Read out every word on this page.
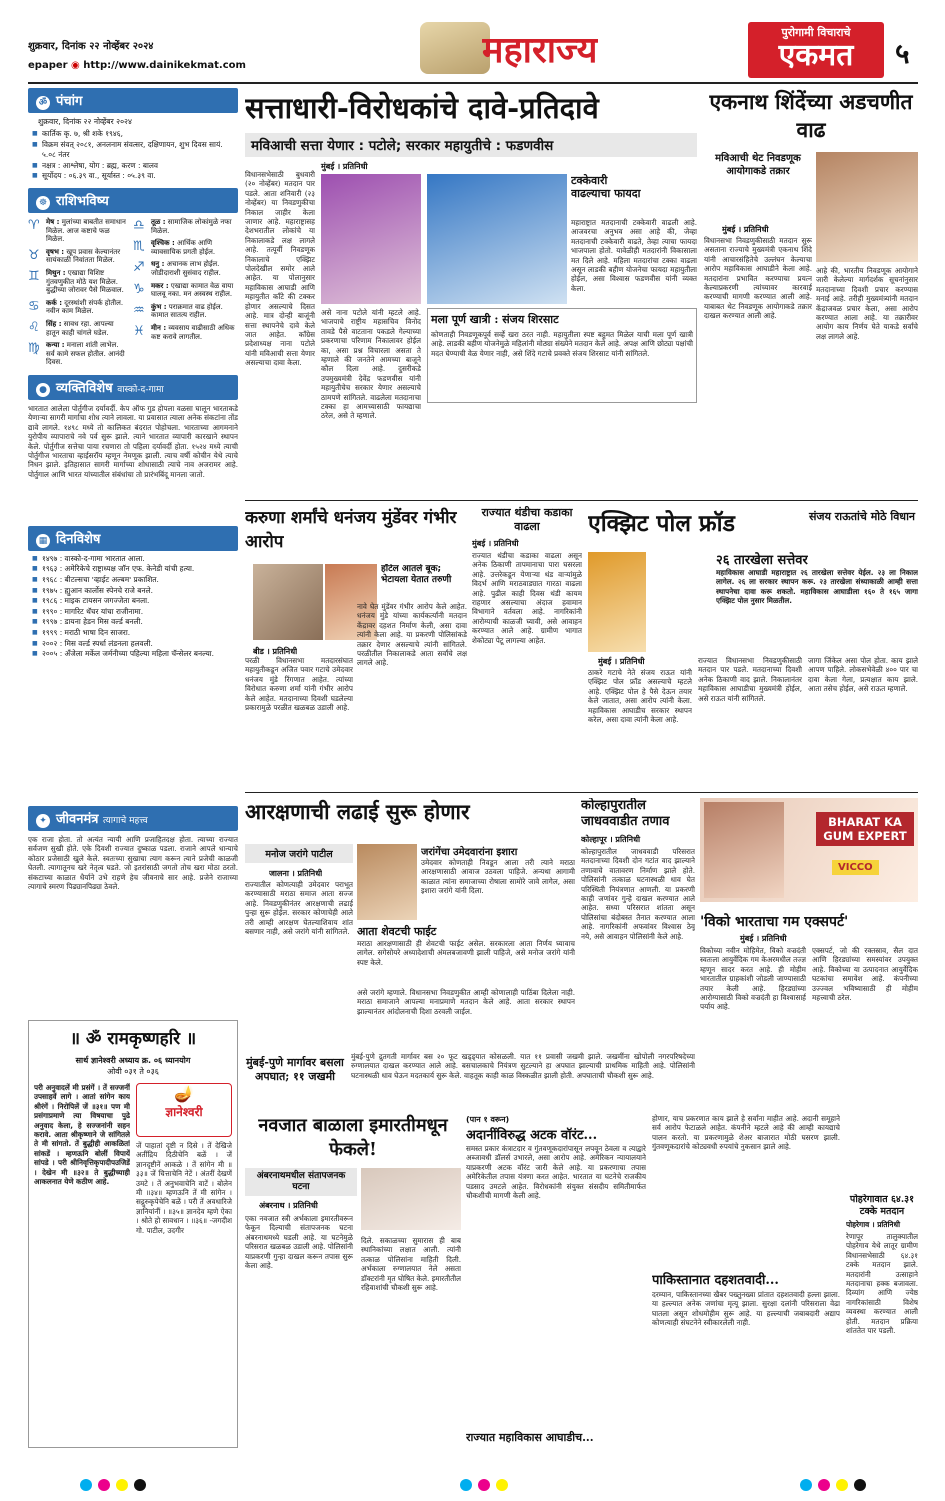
शुक्रवार, दिनांक २२ नोव्हेंबर २०२४
epaper ◉ http://www.dainikekmat.com	महाराज्य	पुरोगामी विचाराचे
एकमत	५
ॐ पंचांग
शुक्रवार, दिनांक २२ नोव्हेंबर २०२४
■ कार्तिक कृ. ७, श्री शके १९४६,
■ विक्रम संवत् २०८१, अनलनाम संवत्सर, दक्षिणायन, शुभ दिवस सायं. ५.०८ नंतर
■ नक्षत्र : आश्लेषा, योग : ब्रह्म, करण : बालव
■ सूर्योदय : ०६.३९ वा., सूर्यास्त : ०५.३९ वा.
☸ राशिभविष्य
♈ मेष : मुलांच्या बाबतीत समाधान मिळेल. आज कष्टाचे फळ मिळेल.
♉ वृषभ : खूप प्रवास केल्यानंतर सायंकाळी निवांतता मिळेल.
♊ मिथुन : एखाद्या विशिष्ट गुंतवणुकीत मोठे यश मिळेल. बुद्धीच्या जोरावर पैसे मिळवाल.
♋ कर्क : दूरस्थांशी संपर्क होतील. नवीन काम मिळेल.
♌ सिंह : सावध रहा. आपल्या हातून काही चांगले घडेल.
♍ कन्या : मनाला शांती लाभेल. सर्व कामे सफल होतील. आनंदी दिवस.
♎ तूळ : सामाजिक लोकांमुळे नफा मिळेल.
♏ वृश्चिक : आर्थिक आणि व्यावसायिक प्रगती होईल.
♐ धनु : अचानक लाभ होईल. जोडीदाराशी सुसंवाद राहील.
♑ मकर : एखाद्या कामात वेळ वाया घालवू नका. मन अस्वस्थ राहील.
♒ कुंभ : पराक्रमात वाढ होईल. कामात सातत्य राहील.
♓ मीन : व्यवसाय वाढीसाठी अधिक कष्ट करावे लागतील.
● व्यक्तिविशेष वास्को-द-गामा
भारतात आलेला पोर्तुगीज दर्यावर्दी. केप ऑफ गुड होपला वळसा घालून भारताकडे येणाऱ्या सागरी मार्गाचा शोध त्याने लावला. या प्रवासात त्याला अनेक संकटांना तोंड द्यावे लागले. १४९८ मध्ये तो कालिकत बंदरात पोहोचला. भारताच्या आगमनाने युरोपीय व्यापाराचे नवे पर्व सुरू झाले. त्याने भारतात व्यापारी कारखाने स्थापन केले. पोर्तुगीज सत्तेचा पाया रचणारा तो पहिला दर्यावर्दी होता. १५२४ मध्ये त्याची पोर्तुगीज भारताचा व्हाईसरॉय म्हणून नेमणूक झाली. त्याच वर्षी कोचीन येथे त्याचे निधन झाले. इतिहासात सागरी मार्गाच्या शोधासाठी त्याचे नाव अजरामर आहे. पोर्तुगाल आणि भारत यांच्यातील संबंधांचा तो प्रारंभबिंदू मानला जातो.
▦ दिनविशेष
■ १४९७ : वास्को-द-गामा भारतात आला.
■ १९६३ : अमेरिकेचे राष्ट्राध्यक्ष जॉन एफ. केनेडी यांची हत्या.
■ १९६८ : बीटल्सचा 'व्हाईट अल्बम' प्रकाशित.
■ १९७५ : ह्युआन कार्लोस स्पेनचे राजे बनले.
■ १९८६ : माइक टायसन जगज्जेता बनला.
■ १९९० : मार्गारेट थॅचर यांचा राजीनामा.
■ १९९७ : डायना हेडन मिस वर्ल्ड बनली.
■ १९९९ : मराठी भाषा दिन साजरा.
■ २००२ : मिस वर्ल्ड स्पर्धा लंडनला हलवली.
■ २००५ : अँजेला मर्केल जर्मनीच्या पहिल्या महिला चॅन्सेलर बनल्या.
✦ जीवनमंत्र त्यागाचे महत्त्व
एक राजा होता. तो अत्यंत न्यायी आणि प्रजाहितदक्ष होता. त्याच्या राज्यात सर्वजण सुखी होते. एके दिवशी राज्यात दुष्काळ पडला. राजाने आपले धान्याचे कोठार प्रजेसाठी खुले केले. स्वतःच्या सुखाचा त्याग करून त्याने प्रजेची काळजी घेतली. त्यागातूनच खरे नेतृत्व घडते. जो इतरांसाठी जगतो तोच खरा मोठा ठरतो. संकटाच्या काळात धैर्याने उभे राहणे हेच जीवनाचे सार आहे. प्रजेने राजाच्या त्यागाचे स्मरण पिढ्यानपिढ्या ठेवले.
॥ ॐ रामकृष्णहरि ॥
सार्थ ज्ञानेश्वरी अध्याय क्र. ०६ ध्यानयोग
ओवी ०३१ ते ०३६
परी अनुवादलें मी प्रसंगें । तें सज्जनीं उपसाहवें लागे । आतां सांगेन काय श्रीरंगें । निरोपिलें जें ॥३१॥ पण मी प्रसंगाप्रमाणे त्या विषयाचा पुढे अनुवाद केला, हे सज्जनांनी सहन करावे. आता श्रीकृष्णाने जे सांगितले ते मी सांगतो. तें बुद्धीही आकळितां सांकडें । म्हणऊनि बोलीं विपायें सांपडे । परी श्रीनिवृत्तिकृपादीपउजिडें । देखेन मी ॥३२॥ ते बुद्धीच्याही आकलनात येणे कठीण आहे.
🪔
ज्ञानेश्वरी
जें पाहातां दृष्टी न दिसे । तें देखिजे अतींद्रिय दिठीचेनि बळें । जें ज्ञानदृष्टीनें आकळे । तें सांगेन मी ॥३३॥ जें चित्ताचेनि नेटें । अंतरीं देखणें उमटे । तें अनुभवाचेनि वाटें । बोलेन मी ॥३४॥ म्हणऊनि तें मी सांगेन । सद्गुरुकृपेचेनि बळें । परी तें अवधारिजे ज्ञानियांनीं । ॥३५॥ ज्ञानदेव म्हणे ऐका । श्रोते हो सावधान । ॥३६॥ -जगदीश गो. पाटील, उदगीर
सत्ताधारी-विरोधकांचे दावे-प्रतिदावे
मविआची सत्ता येणार : पटोले; सरकार महायुतीचे : फडणवीस
मुंबई । प्रतिनिधी
विधानसभेसाठी बुधवारी (२० नोव्हेंबर) मतदान पार पडले. आता शनिवारी (२३ नोव्हेंबर) या निवडणुकीचा निकाल जाहीर केला जाणार आहे. महाराष्ट्रासह देशभरातील लोकांचे या निकालाकडे लक्ष लागले आहे. तत्पूर्वी निवडणूक निकालाचे एक्झिट पोलदेखील समोर आले आहेत. या पोलानुसार महाविकास आघाडी आणि महायुतीत काँटे की टक्कर होणार असल्याचे दिसत आहे. मात्र दोन्ही बाजूंनी सत्ता स्थापनेचे दावे केले जात आहेत. काँग्रेस प्रदेशाध्यक्ष नाना पटोले यांनी मविआची सत्ता येणार असल्याचा दावा केला.
असे नाना पटोले यांनी म्हटले आहे. भाजपाचे राष्ट्रीय महासचिव विनोद तावडे पैसे वाटताना पकडले गेल्याच्या प्रकरणाचा परिणाम निकालावर होईल का, असा प्रश्न विचारला असता ते म्हणाले की जनतेने आमच्या बाजूने कौल दिला आहे. दुसरीकडे उपमुख्यमंत्री देवेंद्र फडणवीस यांनी महायुतीचेच सरकार येणार असल्याचे ठामपणे सांगितले. वाढलेला मतदानाचा टक्का हा आमच्यासाठी फायद्याचा ठरेल, असे ते म्हणाले.
टक्केवारी वाढल्याचा फायदा
महाराष्ट्रात मतदानाची टक्केवारी वाढली आहे. आजवरचा अनुभव असा आहे की, जेव्हा मतदानाची टक्केवारी वाढते, तेव्हा त्याचा फायदा भाजपाला होतो. यावेळीही मतदारांनी विकासाला मत दिले आहे. महिला मतदारांचा टक्का वाढला असून लाडकी बहीण योजनेचा फायदा महायुतीला होईल, असा विश्वास फडणवीस यांनी व्यक्त केला.
मला पूर्ण खात्री : संजय शिरसाट
कोणताही निवडणूकपूर्व सर्व्हे खरा ठरत नाही. महायुतीला स्पष्ट बहुमत मिळेल याची मला पूर्ण खात्री आहे. लाडकी बहीण योजनेमुळे महिलांनी मोठ्या संख्येने मतदान केले आहे. अपक्ष आणि छोट्या पक्षांची मदत घेण्याची वेळ येणार नाही, असे शिंदे गटाचे प्रवक्ते संजय शिरसाट यांनी सांगितले.
एकनाथ शिंदेंच्या अडचणीत वाढ
मविआची थेट निवडणूक आयोगाकडे तक्रार
मुंबई । प्रतिनिधी
विधानसभा निवडणुकीसाठी मतदान सुरू असताना राज्याचे मुख्यमंत्री एकनाथ शिंदे यांनी आचारसंहितेचे उल्लंघन केल्याचा आरोप महाविकास आघाडीने केला आहे. मतदारांना प्रभावित करण्याचा प्रयत्न केल्याप्रकरणी त्यांच्यावर कारवाई करण्याची मागणी करण्यात आली आहे. याबाबत थेट निवडणूक आयोगाकडे तक्रार दाखल करण्यात आली आहे.
आहे की, भारतीय निवडणूक आयोगाने जारी केलेल्या मार्गदर्शक सूचनांनुसार मतदानाच्या दिवशी प्रचार करण्यास मनाई आहे. तरीही मुख्यमंत्र्यांनी मतदान केंद्राजवळ प्रचार केला, असा आरोप करण्यात आला आहे. या तक्रारीवर आयोग काय निर्णय घेते याकडे सर्वांचे लक्ष लागले आहे.
करुणा शर्मांचे धनंजय मुंडेंवर गंभीर आरोप
हॉटेल आतले बूक; भेटायला येतात तरुणी
बीड । प्रतिनिधी
परळी विधानसभा मतदारसंघात महायुतीकडून अजित पवार गटाचे उमेदवार धनंजय मुंडे रिंगणात आहेत. त्यांच्या विरोधात करुणा शर्मा यांनी गंभीर आरोप केले आहेत. मतदानाच्या दिवशी घडलेल्या प्रकारामुळे परळीत खळबळ उडाली आहे.
नावे घेत मुंडेंवर गंभीर आरोप केले आहेत. धनंजय मुंडे यांच्या कार्यकर्त्यांनी मतदान केंद्रावर दहशत निर्माण केली, असा दावा त्यांनी केला आहे. या प्रकरणी पोलिसांकडे तक्रार देणार असल्याचे त्यांनी सांगितले. परळीतील निकालाकडे आता सर्वांचे लक्ष लागले आहे.
राज्यात थंडीचा कडाका वाढला
मुंबई । प्रतिनिधी
राज्यात थंडीचा कडाका वाढला असून अनेक ठिकाणी तापमानाचा पारा घसरला आहे. उत्तरेकडून येणाऱ्या थंड वाऱ्यांमुळे विदर्भ आणि मराठवाड्यात गारठा वाढला आहे. पुढील काही दिवस थंडी कायम राहणार असल्याचा अंदाज हवामान विभागाने वर्तवला आहे. नागरिकांनी आरोग्याची काळजी घ्यावी, असे आवाहन करण्यात आले आहे. ग्रामीण भागात शेकोट्या पेटू लागल्या आहेत.
एक्झिट पोल फ्रॉड	संजय राऊतांचे मोठे विधान
२६ तारखेला सत्तेवर
महाविकास आघाडी महाराष्ट्रात २६ तारखेला सत्तेवर येईल. २३ ला निकाल लागेल. २६ ला सरकार स्थापन करू. २३ तारखेला संध्याकाळी आम्ही सत्ता स्थापनेचा दावा करू शकतो. महाविकास आघाडीला १६० ते १६५ जागा एक्झिट पोल नुसार मिळतील.
मुंबई । प्रतिनिधी
ठाकरे गटाचे नेते संजय राऊत यांनी एक्झिट पोल फ्रॉड असल्याचे म्हटले आहे. एक्झिट पोल हे पैसे देऊन तयार केले जातात, असा आरोप त्यांनी केला. महाविकास आघाडीच सरकार स्थापन करेल, असा दावा त्यांनी केला आहे.
राज्यात विधानसभा निवडणुकीसाठी मतदान पार पडले. मतदानाच्या दिवशी अनेक ठिकाणी वाद झाले. निकालानंतर महाविकास आघाडीचा मुख्यमंत्री होईल, असे राऊत यांनी सांगितले.
जागा जिंकेल असा पोल होता. काय झाले आपण पाहिले. लोकसभेवेळी ४०० पार चा दावा केला गेला, प्रत्यक्षात काय झाले. आता तसेच होईल, असे राऊत म्हणाले.
आरक्षणाची लढाई सुरू होणार
मनोज जरांगे पाटील
जालना । प्रतिनिधी
राज्यातील कोणत्याही उमेदवार पराभूत करण्यासाठी मराठा समाज आता सज्ज आहे. निवडणुकीनंतर आरक्षणाची लढाई पुन्हा सुरू होईल. सरकार कोणाचेही आले तरी आम्ही आरक्षण घेतल्याशिवाय शांत बसणार नाही, असे जरांगे यांनी सांगितले.
जरांगेंचा उमेदवारांना इशारा
उमेदवार कोणताही निवडून आला तरी त्याने मराठा आरक्षणासाठी आवाज उठवला पाहिजे. अन्यथा आगामी काळात त्यांना समाजाच्या रोषाला सामोरे जावे लागेल, असा इशारा जरांगे यांनी दिला.
आता शेवटची फाईट
मराठा आरक्षणासाठी ही शेवटची फाईट असेल. सरकारला आता निर्णय घ्यावाच लागेल. सगेसोयरे अध्यादेशाची अंमलबजावणी झाली पाहिजे, असे मनोज जरांगे यांनी स्पष्ट केले.
असे जरांगे म्हणाले. विधानसभा निवडणुकीत आम्ही कोणालाही पाठिंबा दिलेला नाही. मराठा समाजाने आपल्या मनाप्रमाणे मतदान केले आहे. आता सरकार स्थापन झाल्यानंतर आंदोलनाची दिशा ठरवली जाईल.
कोल्हापुरातील जाधववाडीत तणाव
कोल्हापूर । प्रतिनिधी
कोल्हापुरातील जाधववाडी परिसरात मतदानाच्या दिवशी दोन गटांत वाद झाल्याने तणावाचे वातावरण निर्माण झाले होते. पोलिसांनी तत्काळ घटनास्थळी धाव घेत परिस्थिती नियंत्रणात आणली. या प्रकरणी काही जणांवर गुन्हे दाखल करण्यात आले आहेत. सध्या परिसरात शांतता असून पोलिसांचा बंदोबस्त तैनात करण्यात आला आहे. नागरिकांनी अफवांवर विश्वास ठेवू नये, असे आवाहन पोलिसांनी केले आहे.
BHARAT KA
GUM EXPERT
VICCO
'विको भारताचा गम एक्सपर्ट'
मुंबई । प्रतिनिधी
विकोच्या नवीन मोहिमेत, विको वज्रदंती स्वतःला आयुर्वेदिक गम केअरमधील तज्ज्ञ म्हणून सादर करत आहे. ही मोहीम भारतातील ग्राहकांशी जोडली जाण्यासाठी तयार केली आहे. हिरड्यांच्या आरोग्यासाठी विको वज्रदंती हा विश्वासार्ह पर्याय आहे.
एक्सपर्ट, जो की रक्तस्राव, सैल दात आणि हिरड्यांच्या समस्यांवर उपयुक्त आहे. विकोच्या या उत्पादनात आयुर्वेदिक घटकांचा समावेश आहे. कंपनीच्या उज्ज्वल भविष्यासाठी ही मोहीम महत्त्वाची ठरेल.
मुंबई-पुणे मार्गावर बसला अपघात; ११ जखमी
मुंबई-पुणे द्रुतगती मार्गावर बस २० फूट खड्ड्यात कोसळली. यात ११ प्रवासी जखमी झाले. जखमींना खोपोली नगरपरिषदेच्या रुग्णालयात दाखल करण्यात आले आहे. बसचालकाचे नियंत्रण सुटल्याने हा अपघात झाल्याची प्राथमिक माहिती आहे. पोलिसांनी घटनास्थळी धाव घेऊन मदतकार्य सुरू केले. वाहतूक काही काळ विस्कळीत झाली होती. अपघाताची चौकशी सुरू आहे.
नवजात बाळाला इमारतीमधून फेकले!
अंबरनाथमधील संतापजनक घटना
अंबरनाथ । प्रतिनिधी
एका नवजात स्त्री अर्भकाला इमारतीवरून फेकून दिल्याची संतापजनक घटना अंबरनाथमध्ये घडली आहे. या घटनेमुळे परिसरात खळबळ उडाली आहे. पोलिसांनी याप्रकरणी गुन्हा दाखल करून तपास सुरू केला आहे.
दिले. सकाळच्या सुमारास ही बाब स्थानिकांच्या लक्षात आली. त्यांनी तत्काळ पोलिसांना माहिती दिली. अर्भकाला रुग्णालयात नेले असता डॉक्टरांनी मृत घोषित केले. इमारतीतील रहिवाशांची चौकशी सुरू आहे.
(पान १ वरून)
अदानींविरुद्ध अटक वॉरंट...
समस्त प्रकार कंत्राटदार व गुंतवणूकदारांपासून लपवून ठेवला व त्याद्वारे अब्जावधी डॉलर्स उभारले, असा आरोप आहे. अमेरिकन न्यायालयाने याप्रकरणी अटक वॉरंट जारी केले आहे. या प्रकरणाचा तपास अमेरिकेतील तपास यंत्रणा करत आहेत. भारतात या घटनेचे राजकीय पडसाद उमटले आहेत. विरोधकांनी संयुक्त संसदीय समितीमार्फत चौकशीची मागणी केली आहे.
राज्यात महाविकास आघाडीच...
होणार, याच प्रकरणात काय झाले हे सर्वांना माहीत आहे. अदानी समूहाने सर्व आरोप फेटाळले आहेत. कंपनीने म्हटले आहे की आम्ही कायद्याचे पालन करतो. या प्रकरणामुळे शेअर बाजारात मोठी घसरण झाली. गुंतवणूकदारांचे कोट्यवधी रुपयांचे नुकसान झाले आहे.
पाकिस्तानात दहशतवादी...
दरम्यान, पाकिस्तानच्या खैबर पख्तुनख्वा प्रांतात दहशतवादी हल्ला झाला. या हल्ल्यात अनेक जणांचा मृत्यू झाला. सुरक्षा दलांनी परिसराला वेढा घातला असून शोधमोहीम सुरू आहे. या हल्ल्याची जबाबदारी अद्याप कोणत्याही संघटनेने स्वीकारलेली नाही.
पोहरेगावात ६४.३१ टक्के मतदान
पोहरेगाव । प्रतिनिधी
रेणापूर तालुक्यातील पोहरेगाव येथे लातूर ग्रामीण विधानसभेसाठी ६४.३१ टक्के मतदान झाले. मतदारांनी उत्साहाने मतदानाचा हक्क बजावला. दिव्यांग आणि ज्येष्ठ नागरिकांसाठी विशेष व्यवस्था करण्यात आली होती. मतदान प्रक्रिया शांततेत पार पडली.
